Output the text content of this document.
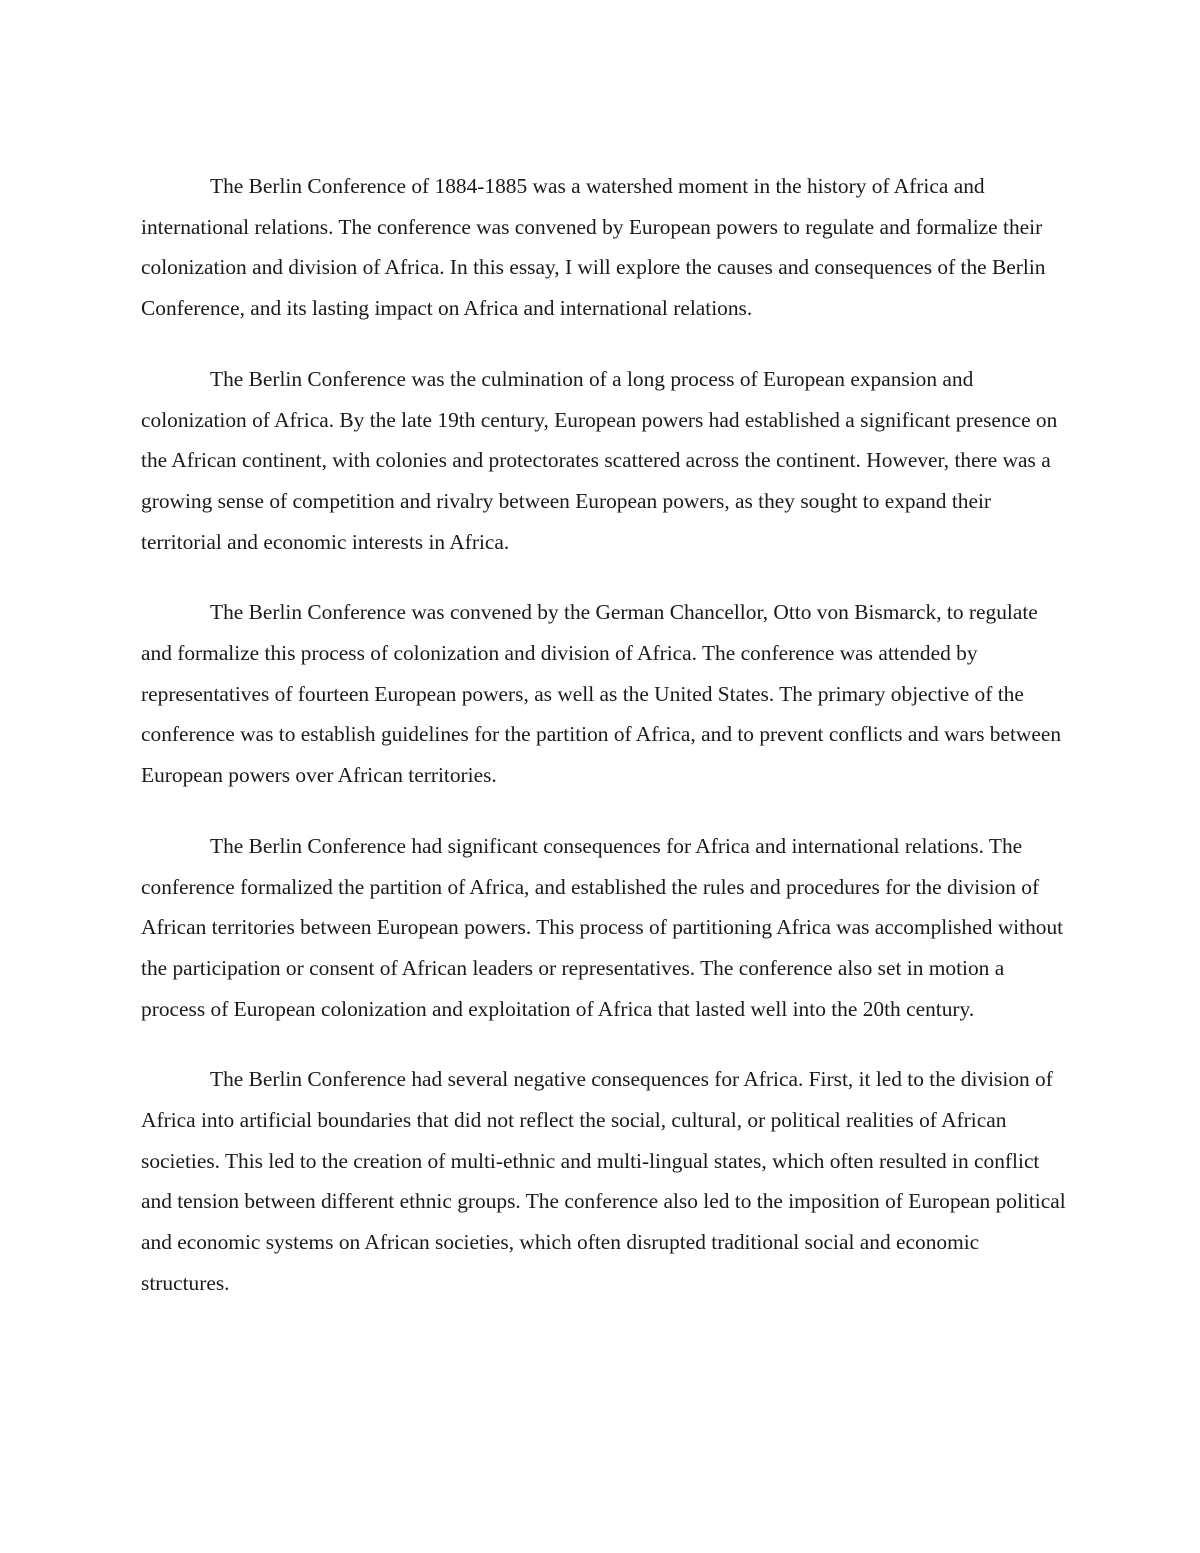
The Berlin Conference of 1884-1885 was a watershed moment in the history of Africa and international relations. The conference was convened by European powers to regulate and formalize their colonization and division of Africa. In this essay, I will explore the causes and consequences of the Berlin Conference, and its lasting impact on Africa and international relations.

The Berlin Conference was the culmination of a long process of European expansion and colonization of Africa. By the late 19th century, European powers had established a significant presence on the African continent, with colonies and protectorates scattered across the continent. However, there was a growing sense of competition and rivalry between European powers, as they sought to expand their territorial and economic interests in Africa.

The Berlin Conference was convened by the German Chancellor, Otto von Bismarck, to regulate and formalize this process of colonization and division of Africa. The conference was attended by representatives of fourteen European powers, as well as the United States. The primary objective of the conference was to establish guidelines for the partition of Africa, and to prevent conflicts and wars between European powers over African territories.

The Berlin Conference had significant consequences for Africa and international relations. The conference formalized the partition of Africa, and established the rules and procedures for the division of African territories between European powers. This process of partitioning Africa was accomplished without the participation or consent of African leaders or representatives. The conference also set in motion a process of European colonization and exploitation of Africa that lasted well into the 20th century.

The Berlin Conference had several negative consequences for Africa. First, it led to the division of Africa into artificial boundaries that did not reflect the social, cultural, or political realities of African societies. This led to the creation of multi-ethnic and multi-lingual states, which often resulted in conflict and tension between different ethnic groups. The conference also led to the imposition of European political and economic systems on African societies, which often disrupted traditional social and economic structures.
